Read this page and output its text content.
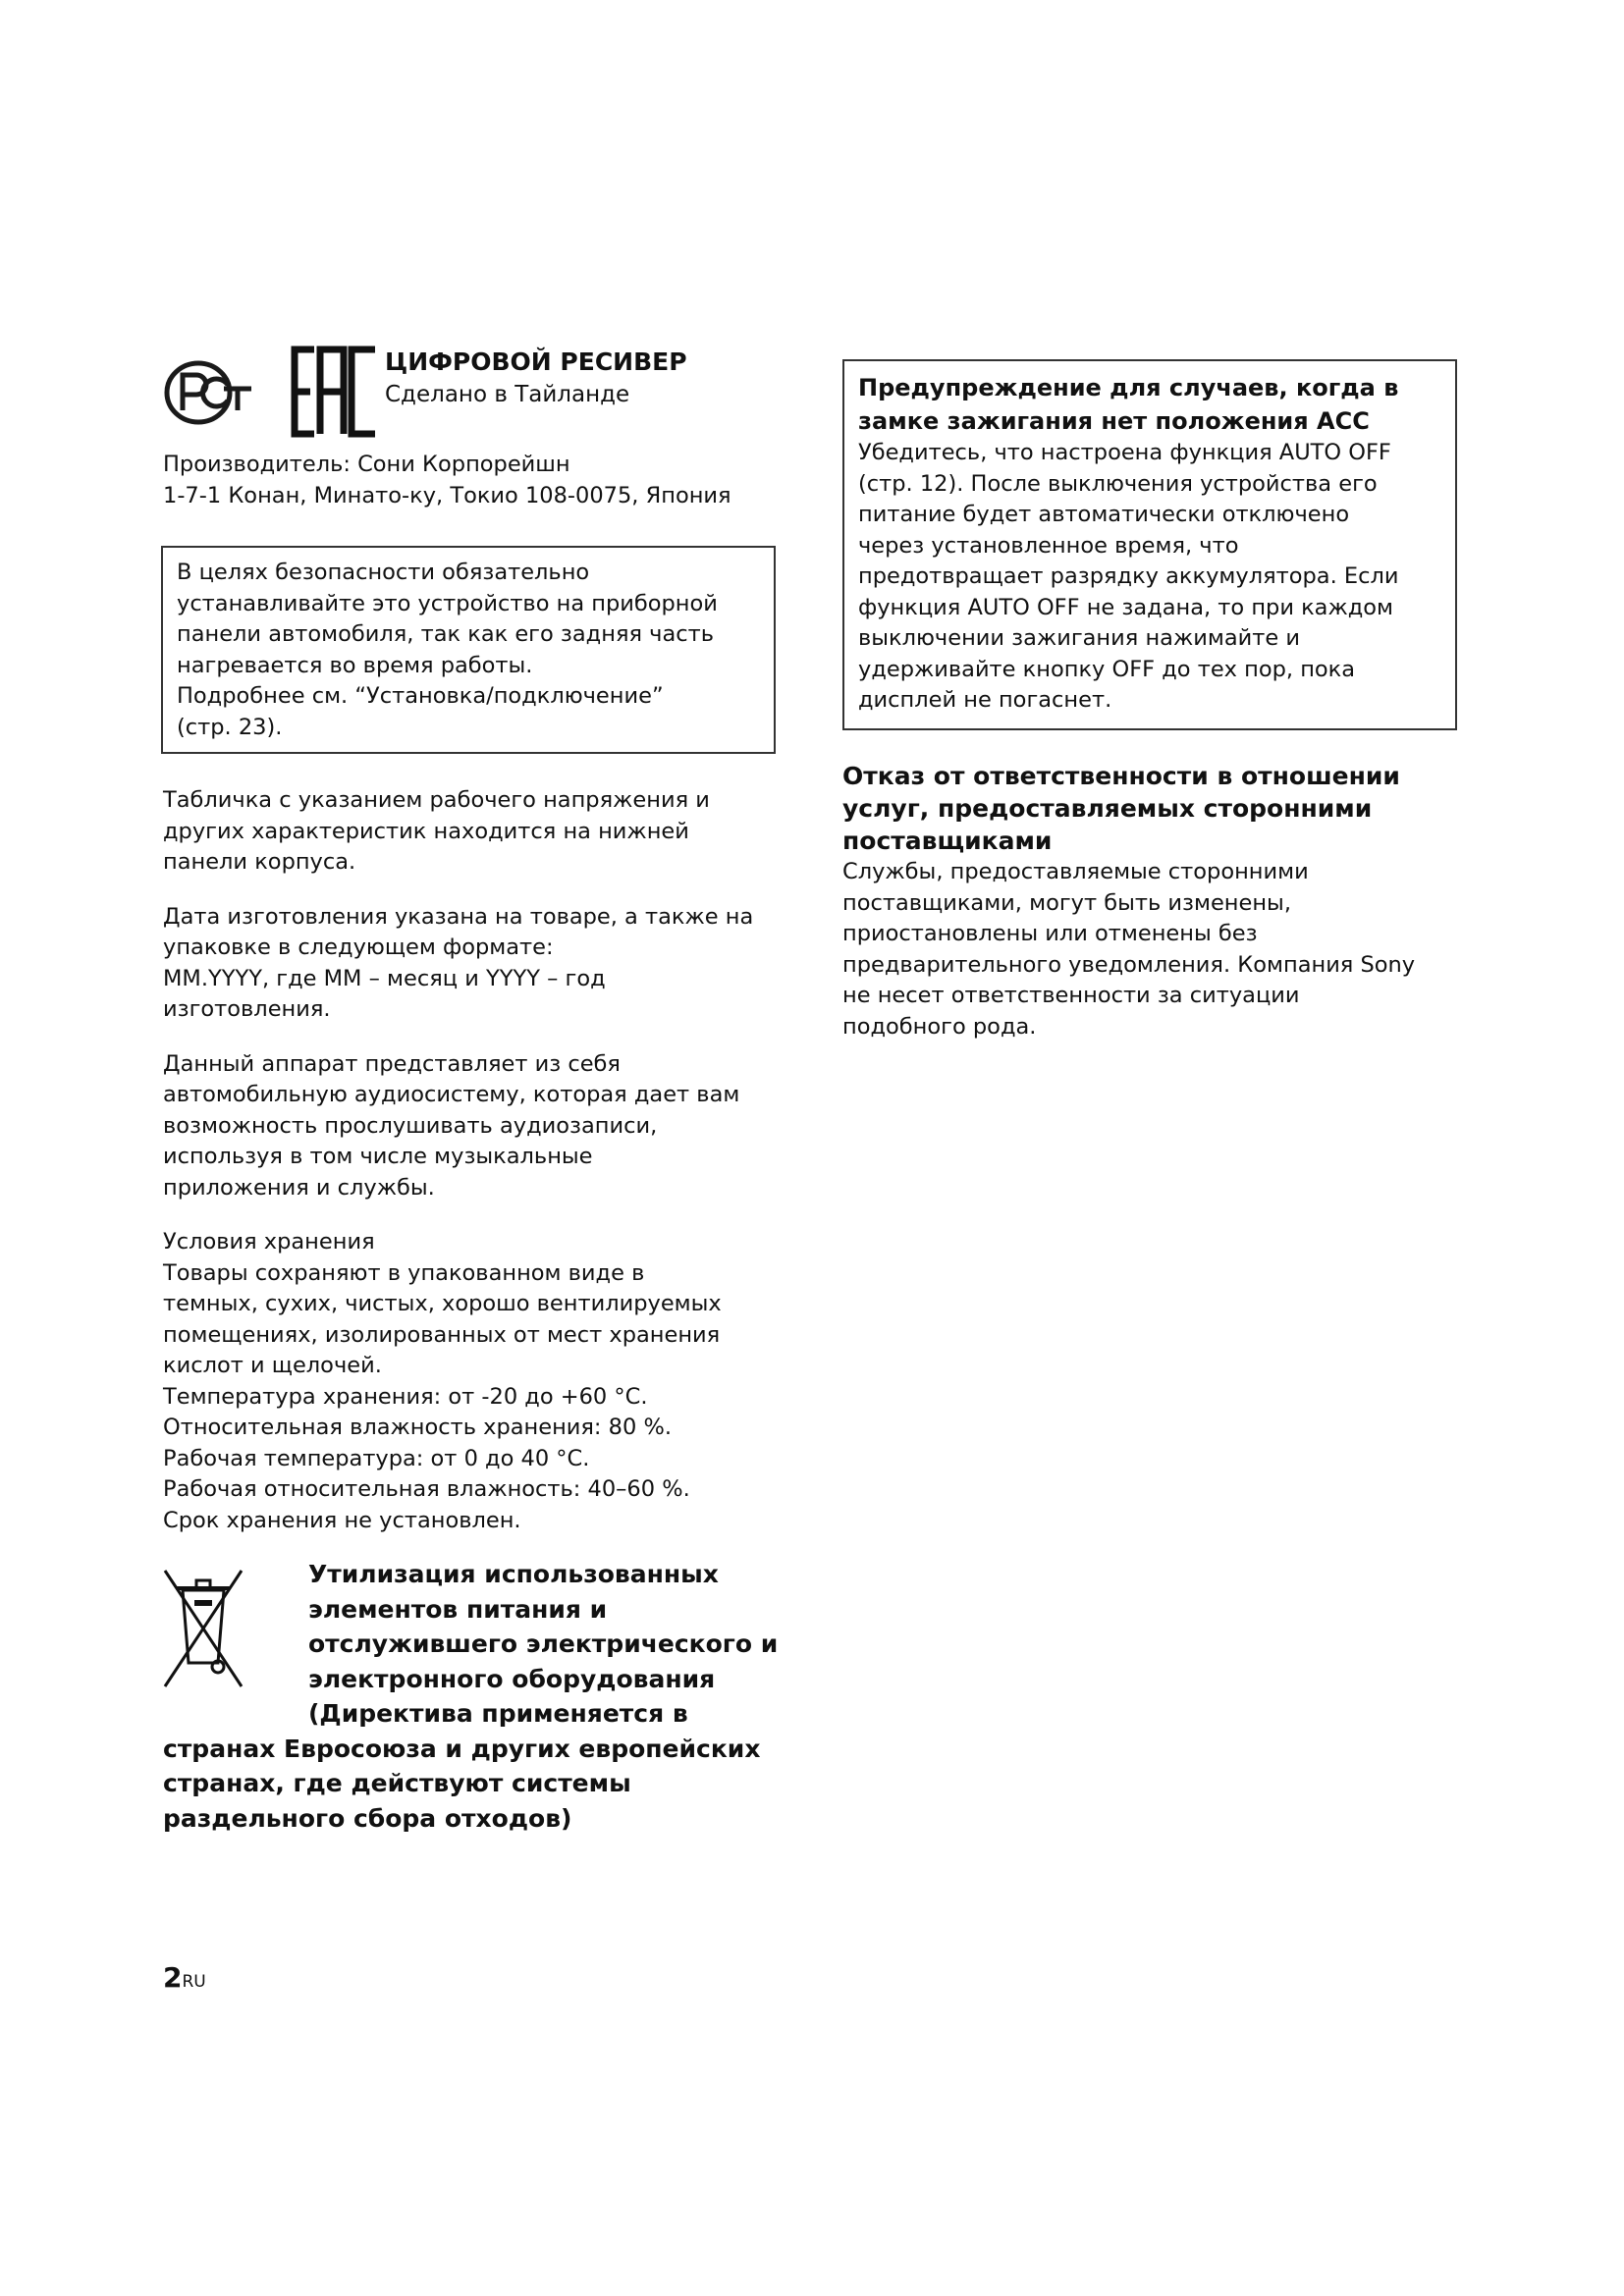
ЦИФРОВОЙ РЕСИВЕР
Сделано в Тайланде

Производитель: Сони Корпорейшн
1-7-1 Конан, Минато-ку, Токио 108-0075, Япония

В целях безопасности обязательно
устанавливайте это устройство на приборной
панели автомобиля, так как его задняя часть
нагревается во время работы.
Подробнее см. “Установка/подключение”
(стр. 23).

Табличка с указанием рабочего напряжения и
других характеристик находится на нижней
панели корпуса.

Дата изготовления указана на товаре, а также на
упаковке в следующем формате:
MM.YYYY, где MM – месяц и YYYY – год
изготовления.

Данный аппарат представляет из себя
автомобильную аудиосистему, которая дает вам
возможность прослушивать аудиозаписи,
используя в том числе музыкальные
приложения и службы.

Условия хранения
Товары сохраняют в упакованном виде в
темных, сухих, чистых, хорошо вентилируемых
помещениях, изолированных от мест хранения
кислот и щелочей.
Температура хранения: от -20 до +60 °C.
Относительная влажность хранения: 80 %.
Рабочая температура: от 0 до 40 °C.
Рабочая относительная влажность: 40–60 %.
Срок хранения не установлен.

Утилизация использованных
элементов питания и
отслужившего электрического и
электронного оборудования
(Директива применяется в
странах Евросоюза и других европейских
странах, где действуют системы
раздельного сбора отходов)
Предупреждение для случаев, когда в
замке зажигания нет положения ACC

Убедитесь, что настроена функция AUTO OFF
(стр. 12). После выключения устройства его
питание будет автоматически отключено
через установленное время, что
предотвращает разрядку аккумулятора. Если
функция AUTO OFF не задана, то при каждом
выключении зажигания нажимайте и
удерживайте кнопку OFF до тех пор, пока
дисплей не погаснет.

Отказ от ответственности в отношении
услуг, предоставляемых сторонними
поставщиками

Службы, предоставляемые сторонними
поставщиками, могут быть изменены,
приостановлены или отменены без
предварительного уведомления. Компания Sony
не несет ответственности за ситуации
подобного рода.

2RU
